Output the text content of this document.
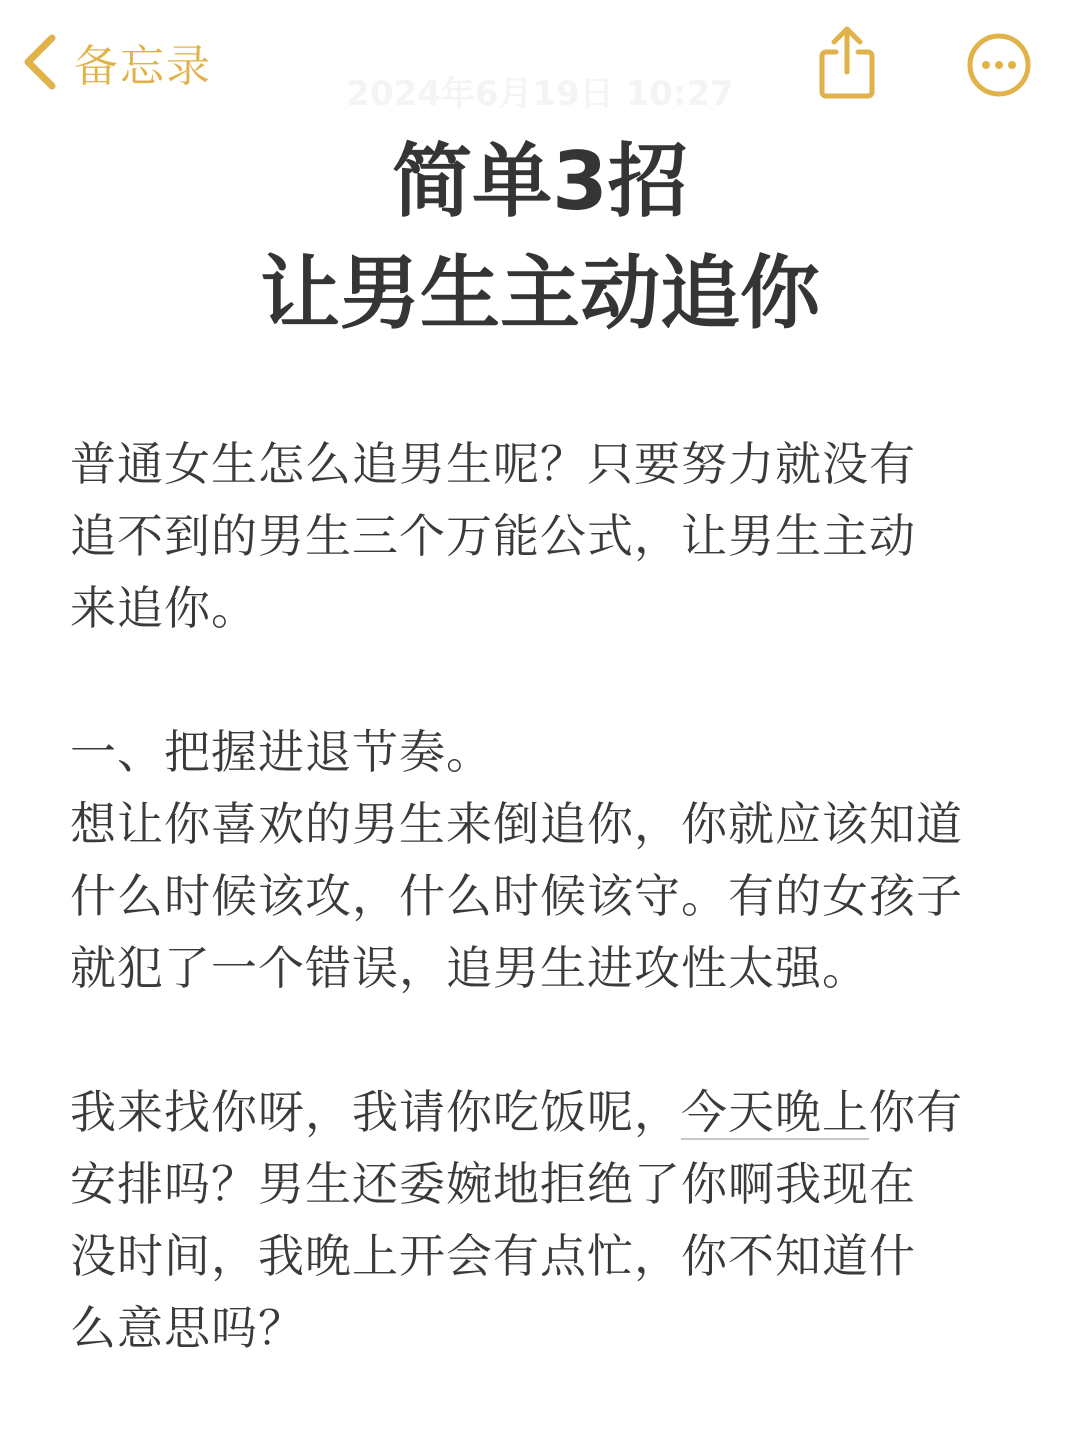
备忘录
2024年6月19日 10:27
简单3招
让男生主动追你

普通女生怎么追男生呢？只要努力就没有

追不到的男生三个万能公式，让男生主动

来追你。

一、把握进退节奏。

想让你喜欢的男生来倒追你，你就应该知道

什么时候该攻，什么时候该守。有的女孩子

就犯了一个错误，追男生进攻性太强。

我来找你呀，我请你吃饭呢，今天晚上你有

安排吗？男生还委婉地拒绝了你啊我现在

没时间，我晚上开会有点忙，你不知道什

么意思吗？
